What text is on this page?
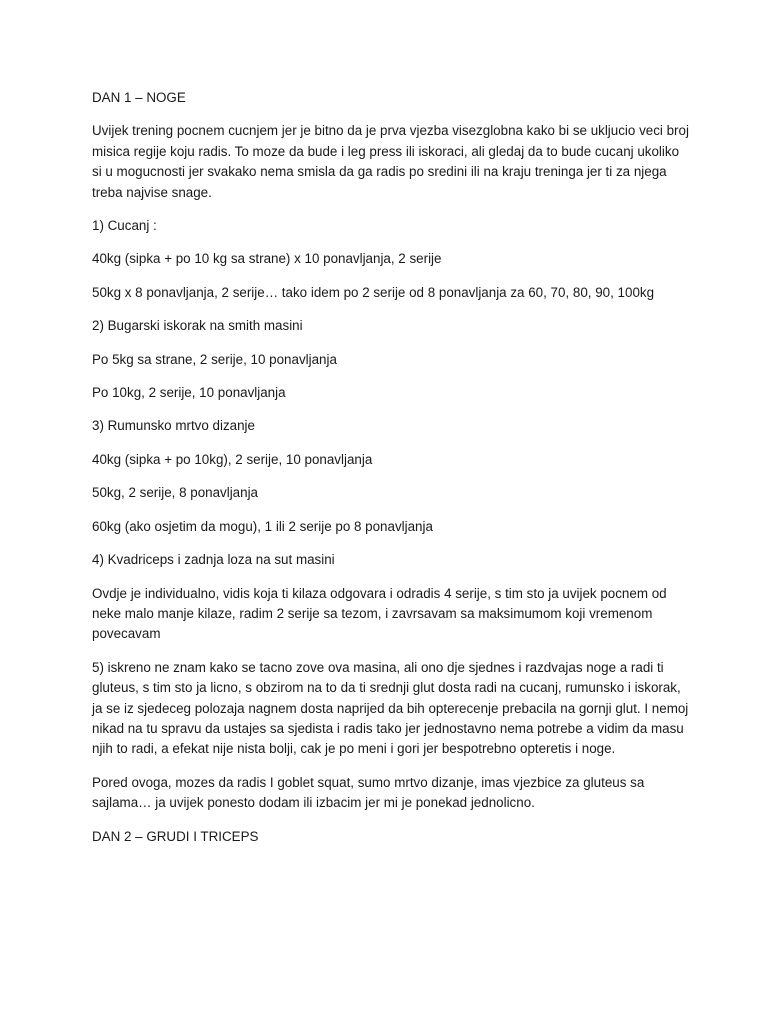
DAN 1 – NOGE

Uvijek trening pocnem cucnjem jer je bitno da je prva vjezba visezglobna kako bi se ukljucio veci broj misica regije koju radis. To moze da bude i leg press ili iskoraci, ali gledaj da to bude cucanj ukoliko si u mogucnosti jer svakako nema smisla da ga radis po sredini ili na kraju treninga jer ti za njega treba najvise snage.

1) Cucanj :

40kg (sipka + po 10 kg sa strane) x 10 ponavljanja, 2 serije

50kg x 8 ponavljanja, 2 serije… tako idem po 2 serije od 8 ponavljanja za 60, 70, 80, 90, 100kg

2) Bugarski iskorak na smith masini

Po 5kg sa strane, 2 serije, 10 ponavljanja

Po 10kg, 2 serije, 10 ponavljanja

3) Rumunsko mrtvo dizanje

40kg (sipka + po 10kg), 2 serije, 10 ponavljanja

50kg, 2 serije, 8 ponavljanja

60kg (ako osjetim da mogu), 1 ili 2 serije po 8 ponavljanja

4) Kvadriceps i zadnja loza na sut masini

Ovdje je individualno, vidis koja ti kilaza odgovara i odradis 4 serije, s tim sto ja uvijek pocnem od neke malo manje kilaze, radim 2 serije sa tezom, i zavrsavam sa maksimumom koji vremenom povecavam

5) iskreno ne znam kako se tacno zove ova masina, ali ono dje sjednes i razdvajas noge a radi ti gluteus, s tim sto ja licno, s obzirom na to da ti srednji glut dosta radi na cucanj, rumunsko i iskorak, ja se iz sjedeceg polozaja nagnem dosta naprijed da bih opterecenje prebacila na gornji glut. I nemoj nikad na tu spravu da ustajes sa sjedista i radis tako jer jednostavno nema potrebe a vidim da masu njih to radi, a efekat nije nista bolji, cak je po meni i gori jer bespotrebno opteretis i noge.

Pored ovoga, mozes da radis I goblet squat, sumo mrtvo dizanje, imas vjezbice za gluteus sa sajlama… ja uvijek ponesto dodam ili izbacim jer mi je ponekad jednolicno.

DAN 2 – GRUDI I TRICEPS
